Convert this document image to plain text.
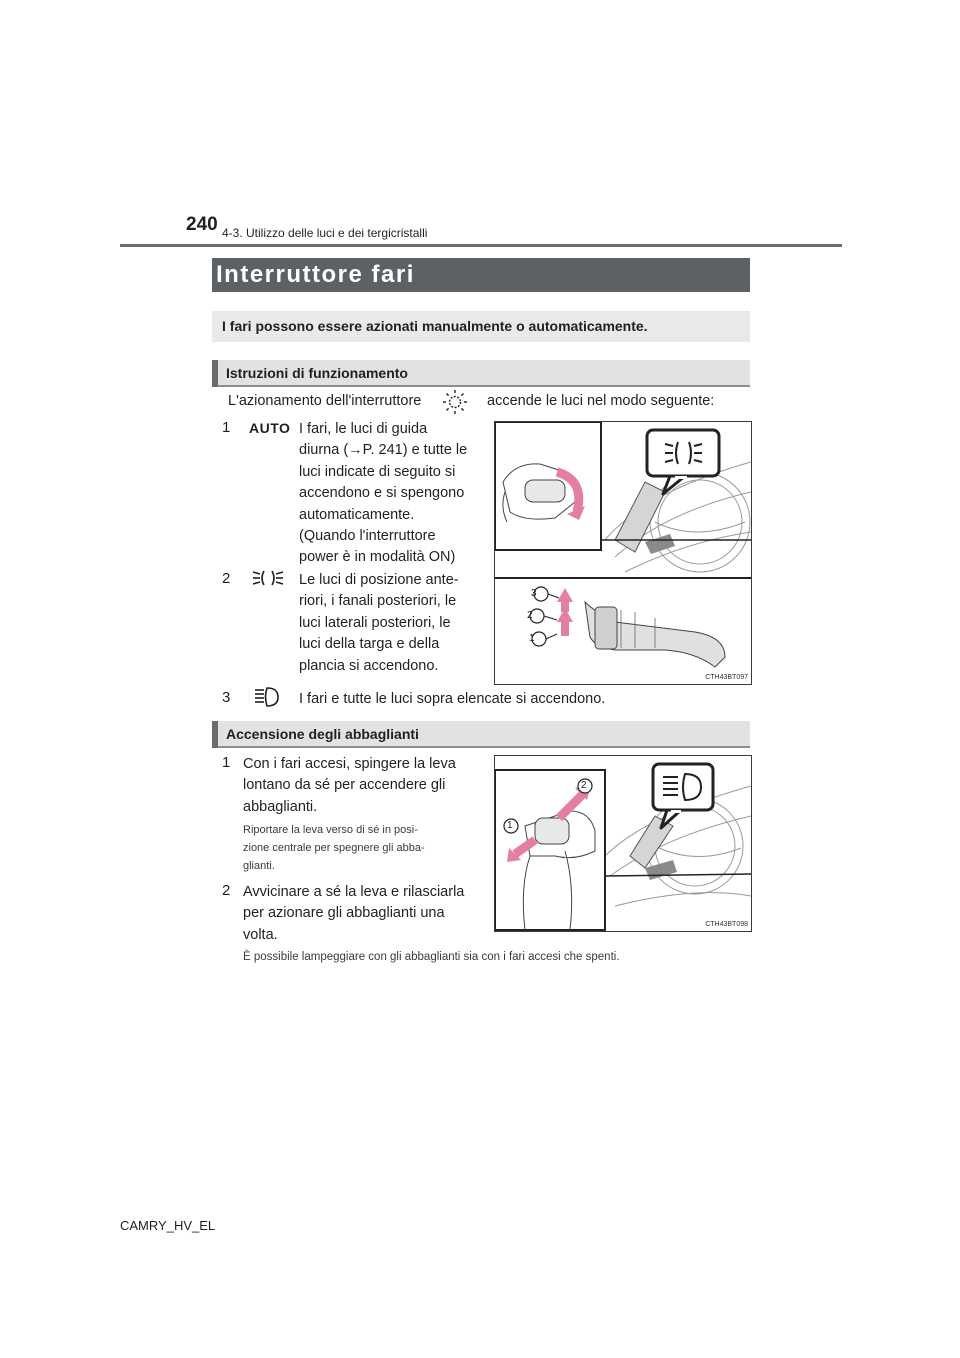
240 4-3. Utilizzo delle luci e dei tergicristalli
Interruttore fari
I fari possono essere azionati manualmente o automaticamente.
Istruzioni di funzionamento
L'azionamento dell'interruttore	accende le luci nel modo seguente:
1 AUTO I fari, le luci di guida
diurna (→P. 241) e tutte le
luci indicate di seguito si
accendono e si spengono
automaticamente.
(Quando l'interruttore
power è in modalità ON)
2	Le luci di posizione ante-
riori, i fanali posteriori, le
luci laterali posteriori, le
luci della targa e della
plancia si accendono.
3
2
1
CTH43BT097
3	I fari e tutte le luci sopra elencate si accendono.
Accensione degli abbaglianti
1 Con i fari accesi, spingere la leva
lontano da sé per accendere gli
abbaglianti.
Riportare la leva verso di sé in posi-
zione centrale per spegnere gli abba-
glianti.
2 Avvicinare a sé la leva e rilasciarla
per azionare gli abbaglianti una
volta.
2
1
CTH43BT098
È possibile lampeggiare con gli abbaglianti sia con i fari accesi che spenti.
CAMRY_HV_EL
